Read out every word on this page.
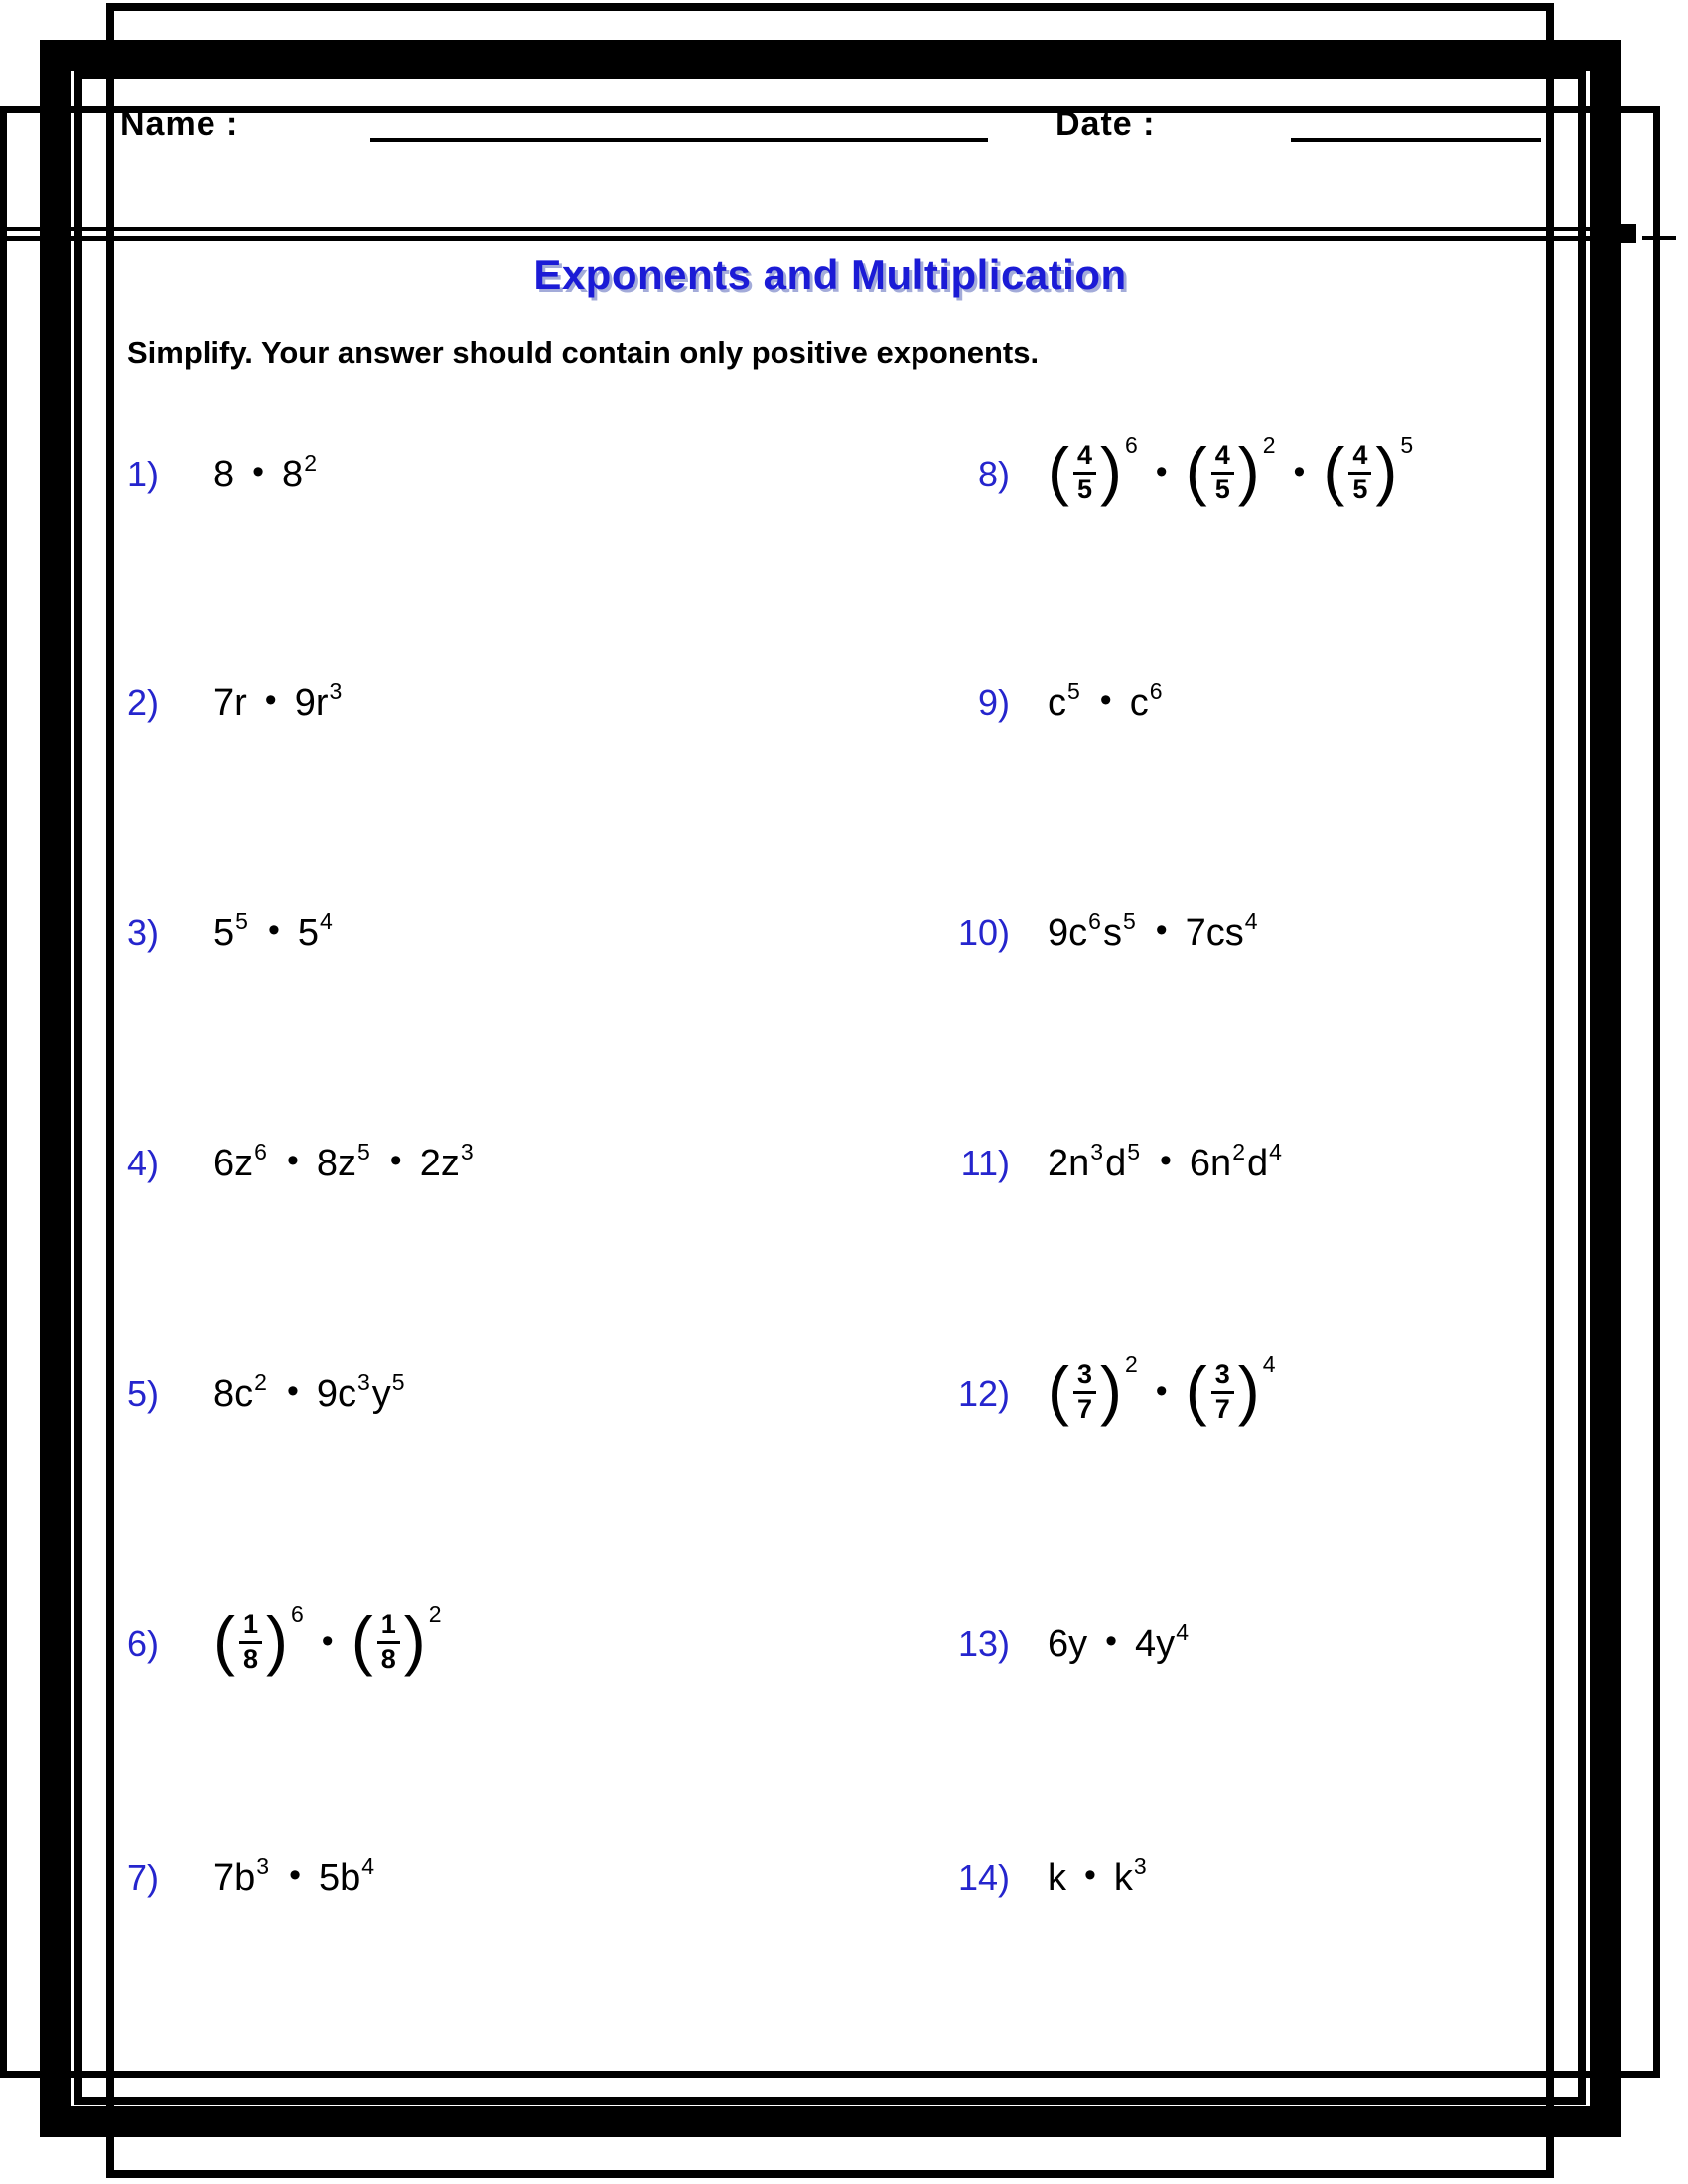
Name :	Date :
Exponents and Multiplication
Simplify. Your answer should contain only positive exponents.
1)	8 • $8^2$
2)	7r • $9r^3$
3)	$5^5$ • $5^4$
4)	$6z^6$ • $8z^5$ • $2z^3$
5)	$8c^2$ • $9c^3$ $y^5$
6) ( $\frac{1}{8}$ ) 6
• ( $\frac{1}{8}$ ) 2
7)	$7b^3$ • $5b^4$
8) ( $\frac{4}{5}$ ) 6
• ( $\frac{4}{5}$ ) 2
• ( $\frac{4}{5}$ ) 5
9) $c^5$ • $c^6$
10) $9c^6$ $s^5$ • $7cs^4$
11) $2n^3$ $d^5$ • $6n^2$ $d^4$
12) ( $\frac{3}{7}$ ) 2
• ( $\frac{3}{7}$ ) 4
13) 6y • $4y^4$
14) k • $k^3$
